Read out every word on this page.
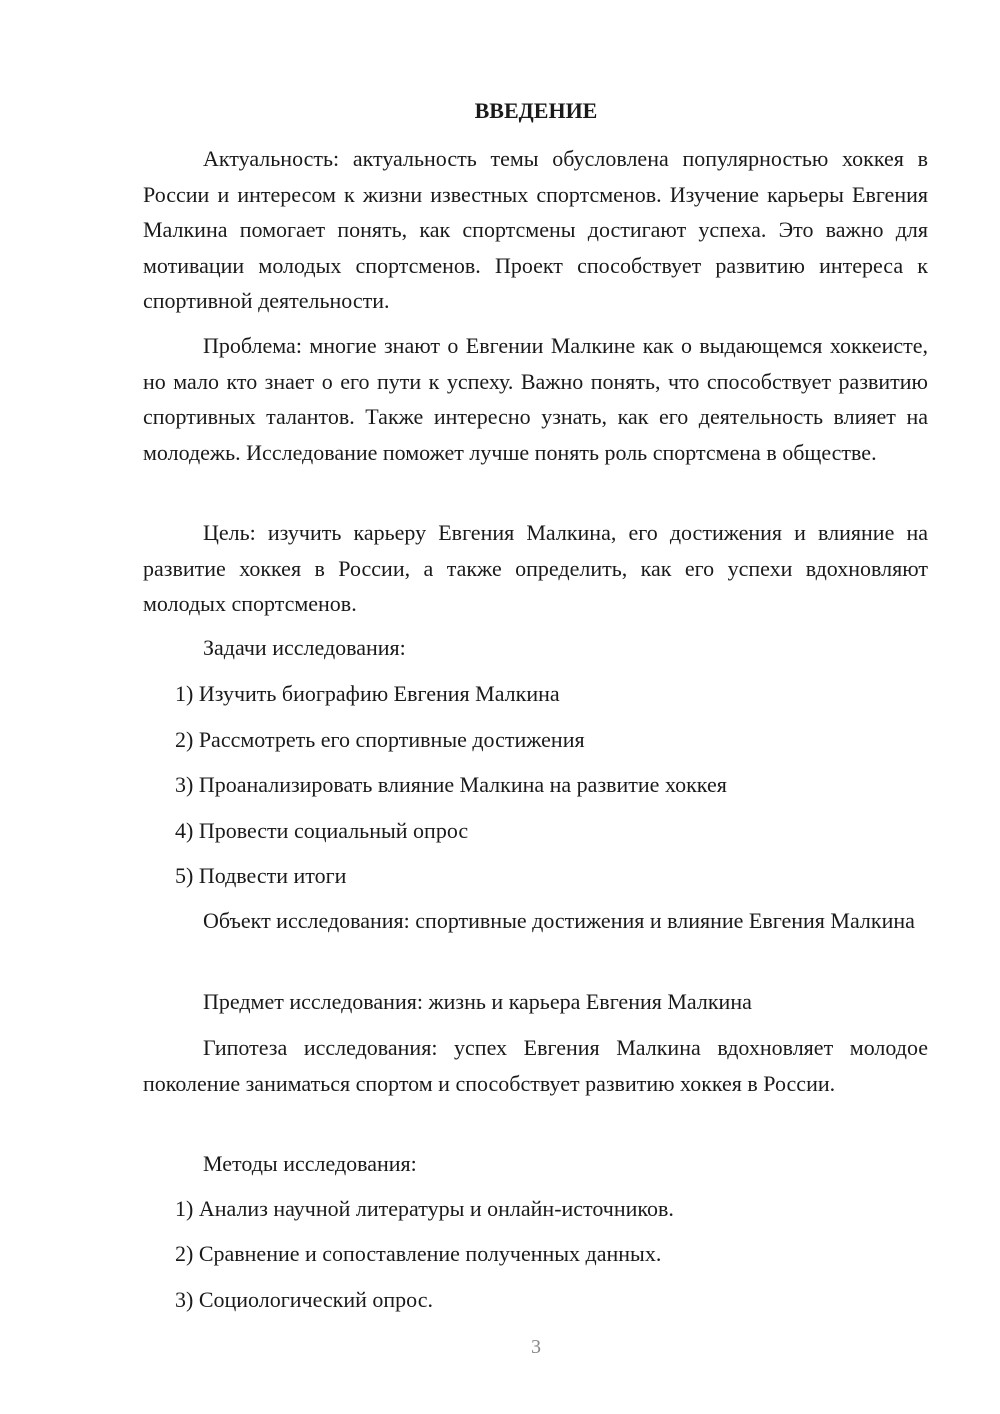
ВВЕДЕНИЕ

Актуальность: актуальность темы обусловлена популярностью хоккея в России и интересом к жизни известных спортсменов. Изучение карьеры Евгения Малкина помогает понять, как спортсмены достигают успеха. Это важно для мотивации молодых спортсменов. Проект способствует развитию интереса к спортивной деятельности.

Проблема: многие знают о Евгении Малкине как о выдающемся хоккеисте, но мало кто знает о его пути к успеху. Важно понять, что способствует развитию спортивных талантов. Также интересно узнать, как его деятельность влияет на молодежь. Исследование поможет лучше понять роль спортсмена в обществе.

Цель: изучить карьеру Евгения Малкина, его достижения и влияние на развитие хоккея в России, а также определить, как его успехи вдохновляют молодых спортсменов.

Задачи исследования:

1) Изучить биографию Евгения Малкина

2) Рассмотреть его спортивные достижения

3) Проанализировать влияние Малкина на развитие хоккея

4) Провести социальный опрос

5) Подвести итоги

Объект исследования: спортивные достижения и влияние Евгения Малкина

Предмет исследования: жизнь и карьера Евгения Малкина

Гипотеза исследования: успех Евгения Малкина вдохновляет молодое поколение заниматься спортом и способствует развитию хоккея в России.

Методы исследования:

1) Анализ научной литературы и онлайн-источников.

2) Сравнение и сопоставление полученных данных.

3) Социологический опрос.

3
